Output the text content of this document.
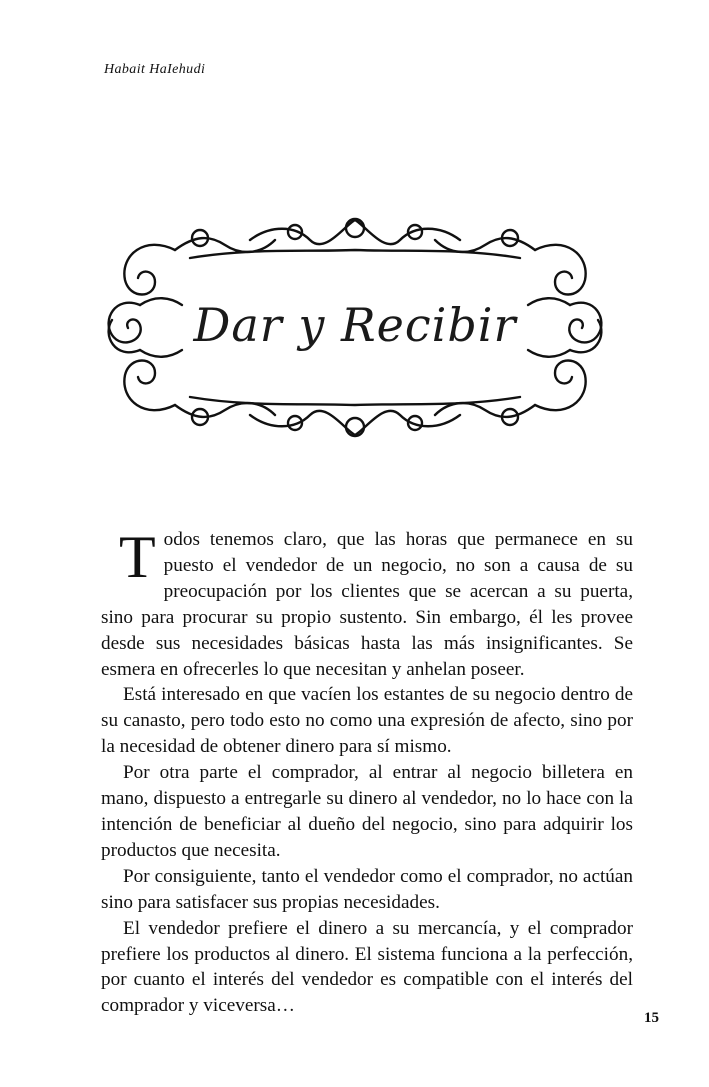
Habait HaIehudi
Dar y Recibir

Todos tenemos claro, que las horas que permanece en su puesto el vendedor de un negocio, no son a causa de su preocupación por los clientes que se acercan a su puerta, sino para procurar su propio sustento. Sin embargo, él les provee desde sus necesidades básicas hasta las más insignificantes. Se esmera en ofrecerles lo que necesitan y anhelan poseer.

Está interesado en que vacíen los estantes de su negocio dentro de su canasto, pero todo esto no como una expresión de afecto, sino por la necesidad de obtener dinero para sí mismo.

Por otra parte el comprador, al entrar al negocio billetera en mano, dispuesto a entregarle su dinero al vendedor, no lo hace con la intención de beneficiar al dueño del negocio, sino para adquirir los productos que necesita.

Por consiguiente, tanto el vendedor como el comprador, no actúan sino para satisfacer sus propias necesidades.

El vendedor prefiere el dinero a su mercancía, y el comprador prefiere los productos al dinero. El sistema funciona a la perfección, por cuanto el interés del vendedor es compatible con el interés del comprador y viceversa…

15
